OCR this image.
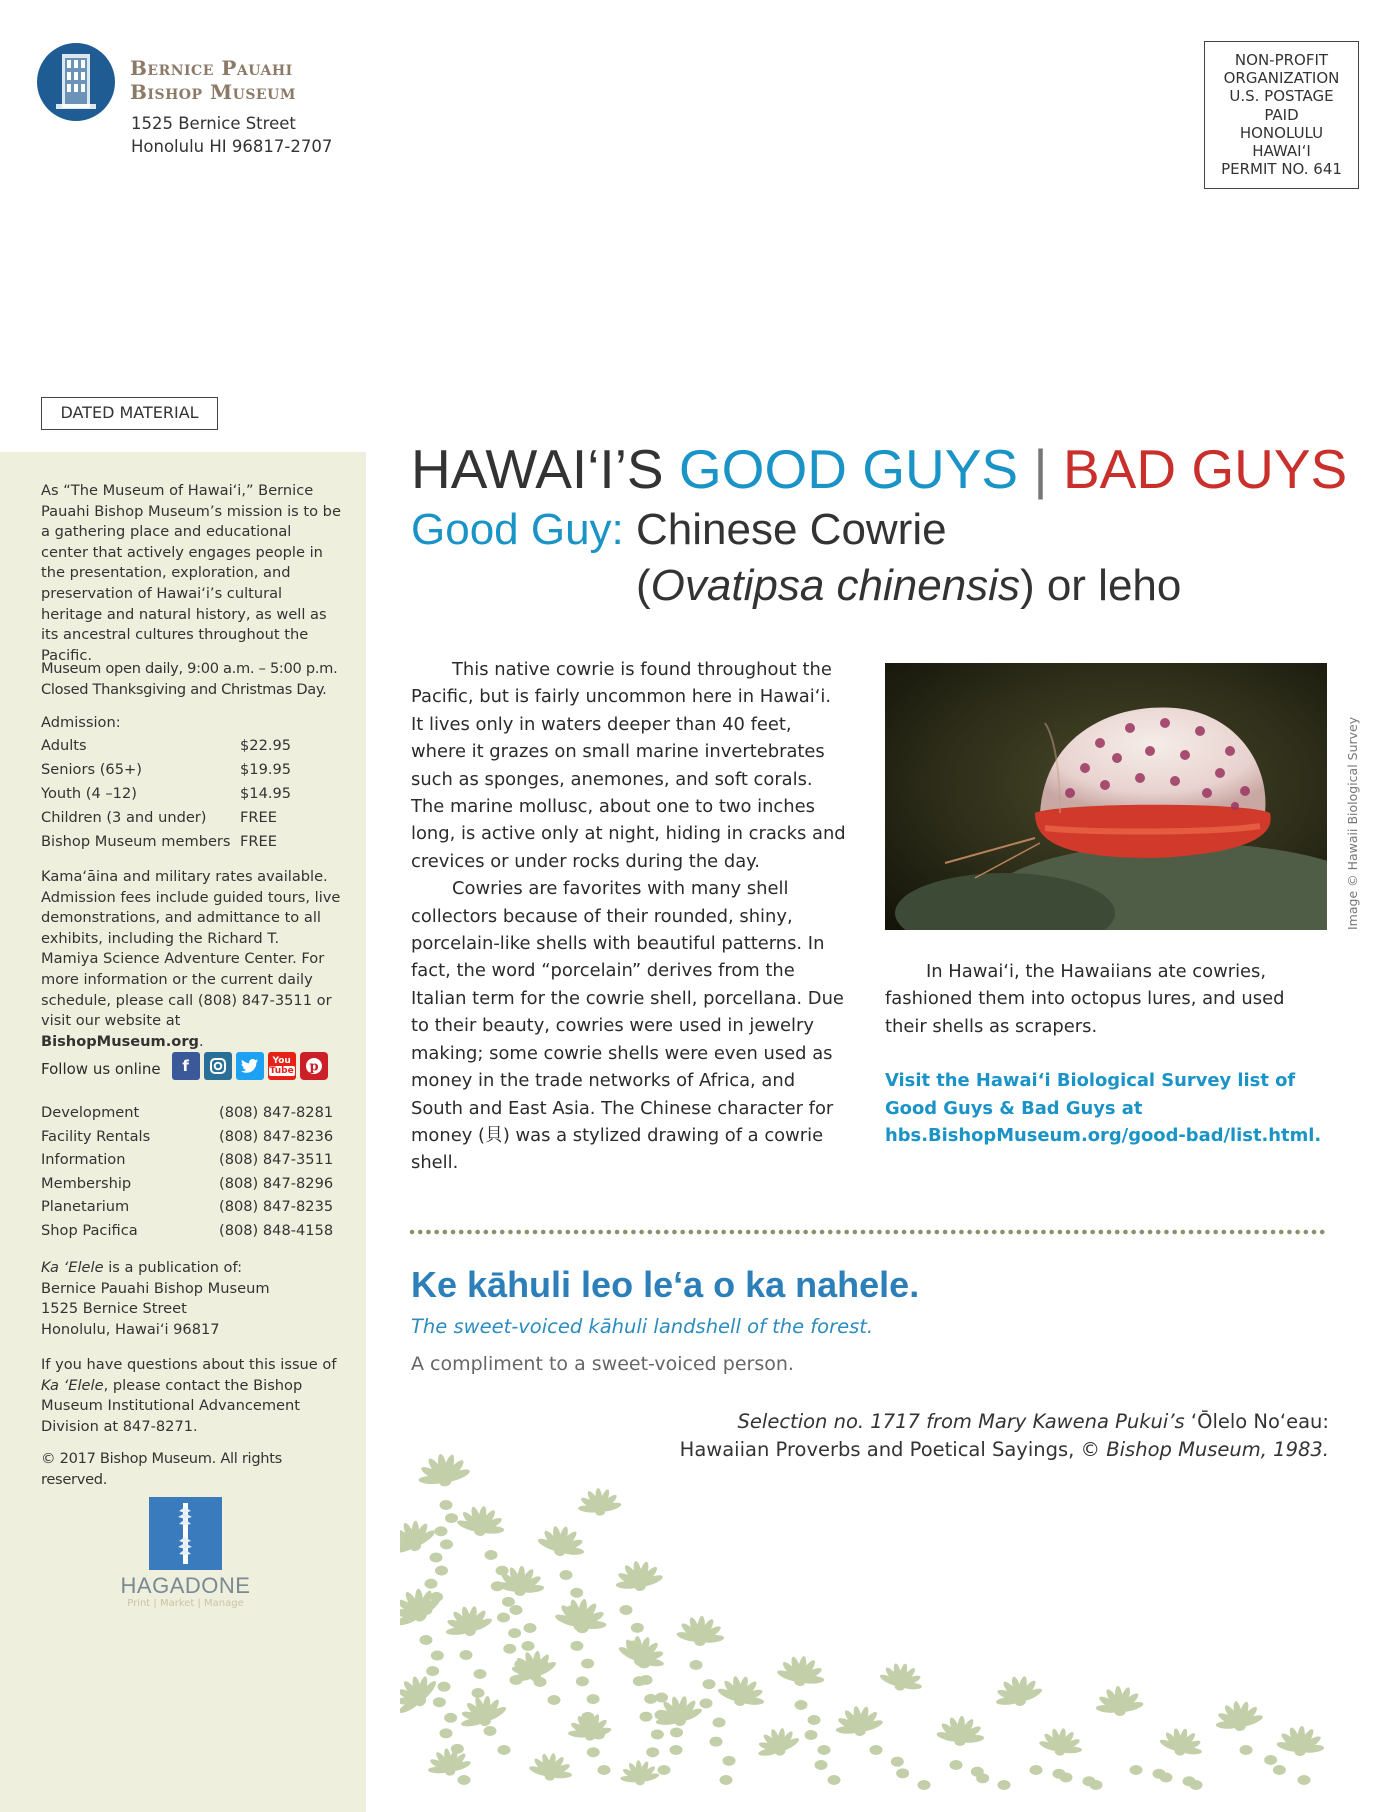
Bernice Pauahi
Bishop Museum
1525 Bernice Street
Honolulu HI 96817-2707
NON-PROFIT
ORGANIZATION
U.S. POSTAGE
PAID
HONOLULU
HAWAI‘I
PERMIT NO. 641
DATED MATERIAL

As “The Museum of Hawai‘i,” Bernice Pauahi Bishop Museum’s mission is to be a gathering place and educational center that actively engages people in the presentation, exploration, and preservation of Hawai‘i’s cultural heritage and natural history, as well as its ancestral cultures throughout the Pacific.

Museum open daily, 9:00 a.m. – 5:00 p.m.

Closed Thanksgiving and Christmas Day.

Admission:

Adults	$22.95
Seniors (65+)	$19.95
Youth (4 –12)	$14.95
Children (3 and under)	FREE
Bishop Museum members FREE

Kama‘āina and military rates available. Admission fees include guided tours, live demonstrations, and admittance to all exhibits, including the Richard T. Mamiya Science Adventure Center. For more information or the current daily schedule, please call (808) 847-3511 or visit our website at BishopMuseum.org.

Follow us online	f	You
Tube p
Development	(808) 847-8281
Facility Rentals	(808) 847-8236
Information	(808) 847-3511
Membership	(808) 847-8296
Planetarium	(808) 847-8235
Shop Pacifica	(808) 848-4158

Ka ‘Elele is a publication of:

Bernice Pauahi Bishop Museum

1525 Bernice Street

Honolulu, Hawai‘i 96817

If you have questions about this issue of Ka ‘Elele, please contact the Bishop Museum Institutional Advancement Division at 847-8271.

© 2017 Bishop Museum. All rights reserved.

HAGADONE
Print | Market | Manage
HAWAI‘I’S GOOD GUYS | BAD GUYS
Good Guy: Chinese Cowrie
(Ovatipsa chinensis) or leho

This native cowrie is found throughout the Pacific, but is fairly uncommon here in Hawai‘i. It lives only in waters deeper than 40 feet, where it grazes on small marine invertebrates such as sponges, anemones, and soft corals. The marine mollusc, about one to two inches long, is active only at night, hiding in cracks and crevices or under rocks during the day.

Cowries are favorites with many shell collectors because of their rounded, shiny, porcelain-like shells with beautiful patterns. In fact, the word “porcelain” derives from the Italian term for the cowrie shell, porcellana. Due to their beauty, cowries were used in jewelry making; some cowrie shells were even used as money in the trade networks of Africa, and South and East Asia. The Chinese character for money (貝) was a stylized drawing of a cowrie shell.

Image © Hawaii Biological Survey

In Hawai‘i, the Hawaiians ate cowries, fashioned them into octopus lures, and used their shells as scrapers.

Visit the Hawai‘i Biological Survey list of Good Guys & Bad Guys at hbs.BishopMuseum.org/good-bad/list.html.

Ke kāhuli leo le‘a o ka nahele.
The sweet-voiced kāhuli landshell of the forest.
A compliment to a sweet-voiced person.
Selection no. 1717 from Mary Kawena Pukui’s ‘Ōlelo No‘eau:
Hawaiian Proverbs and Poetical Sayings, © Bishop Museum, 1983.
